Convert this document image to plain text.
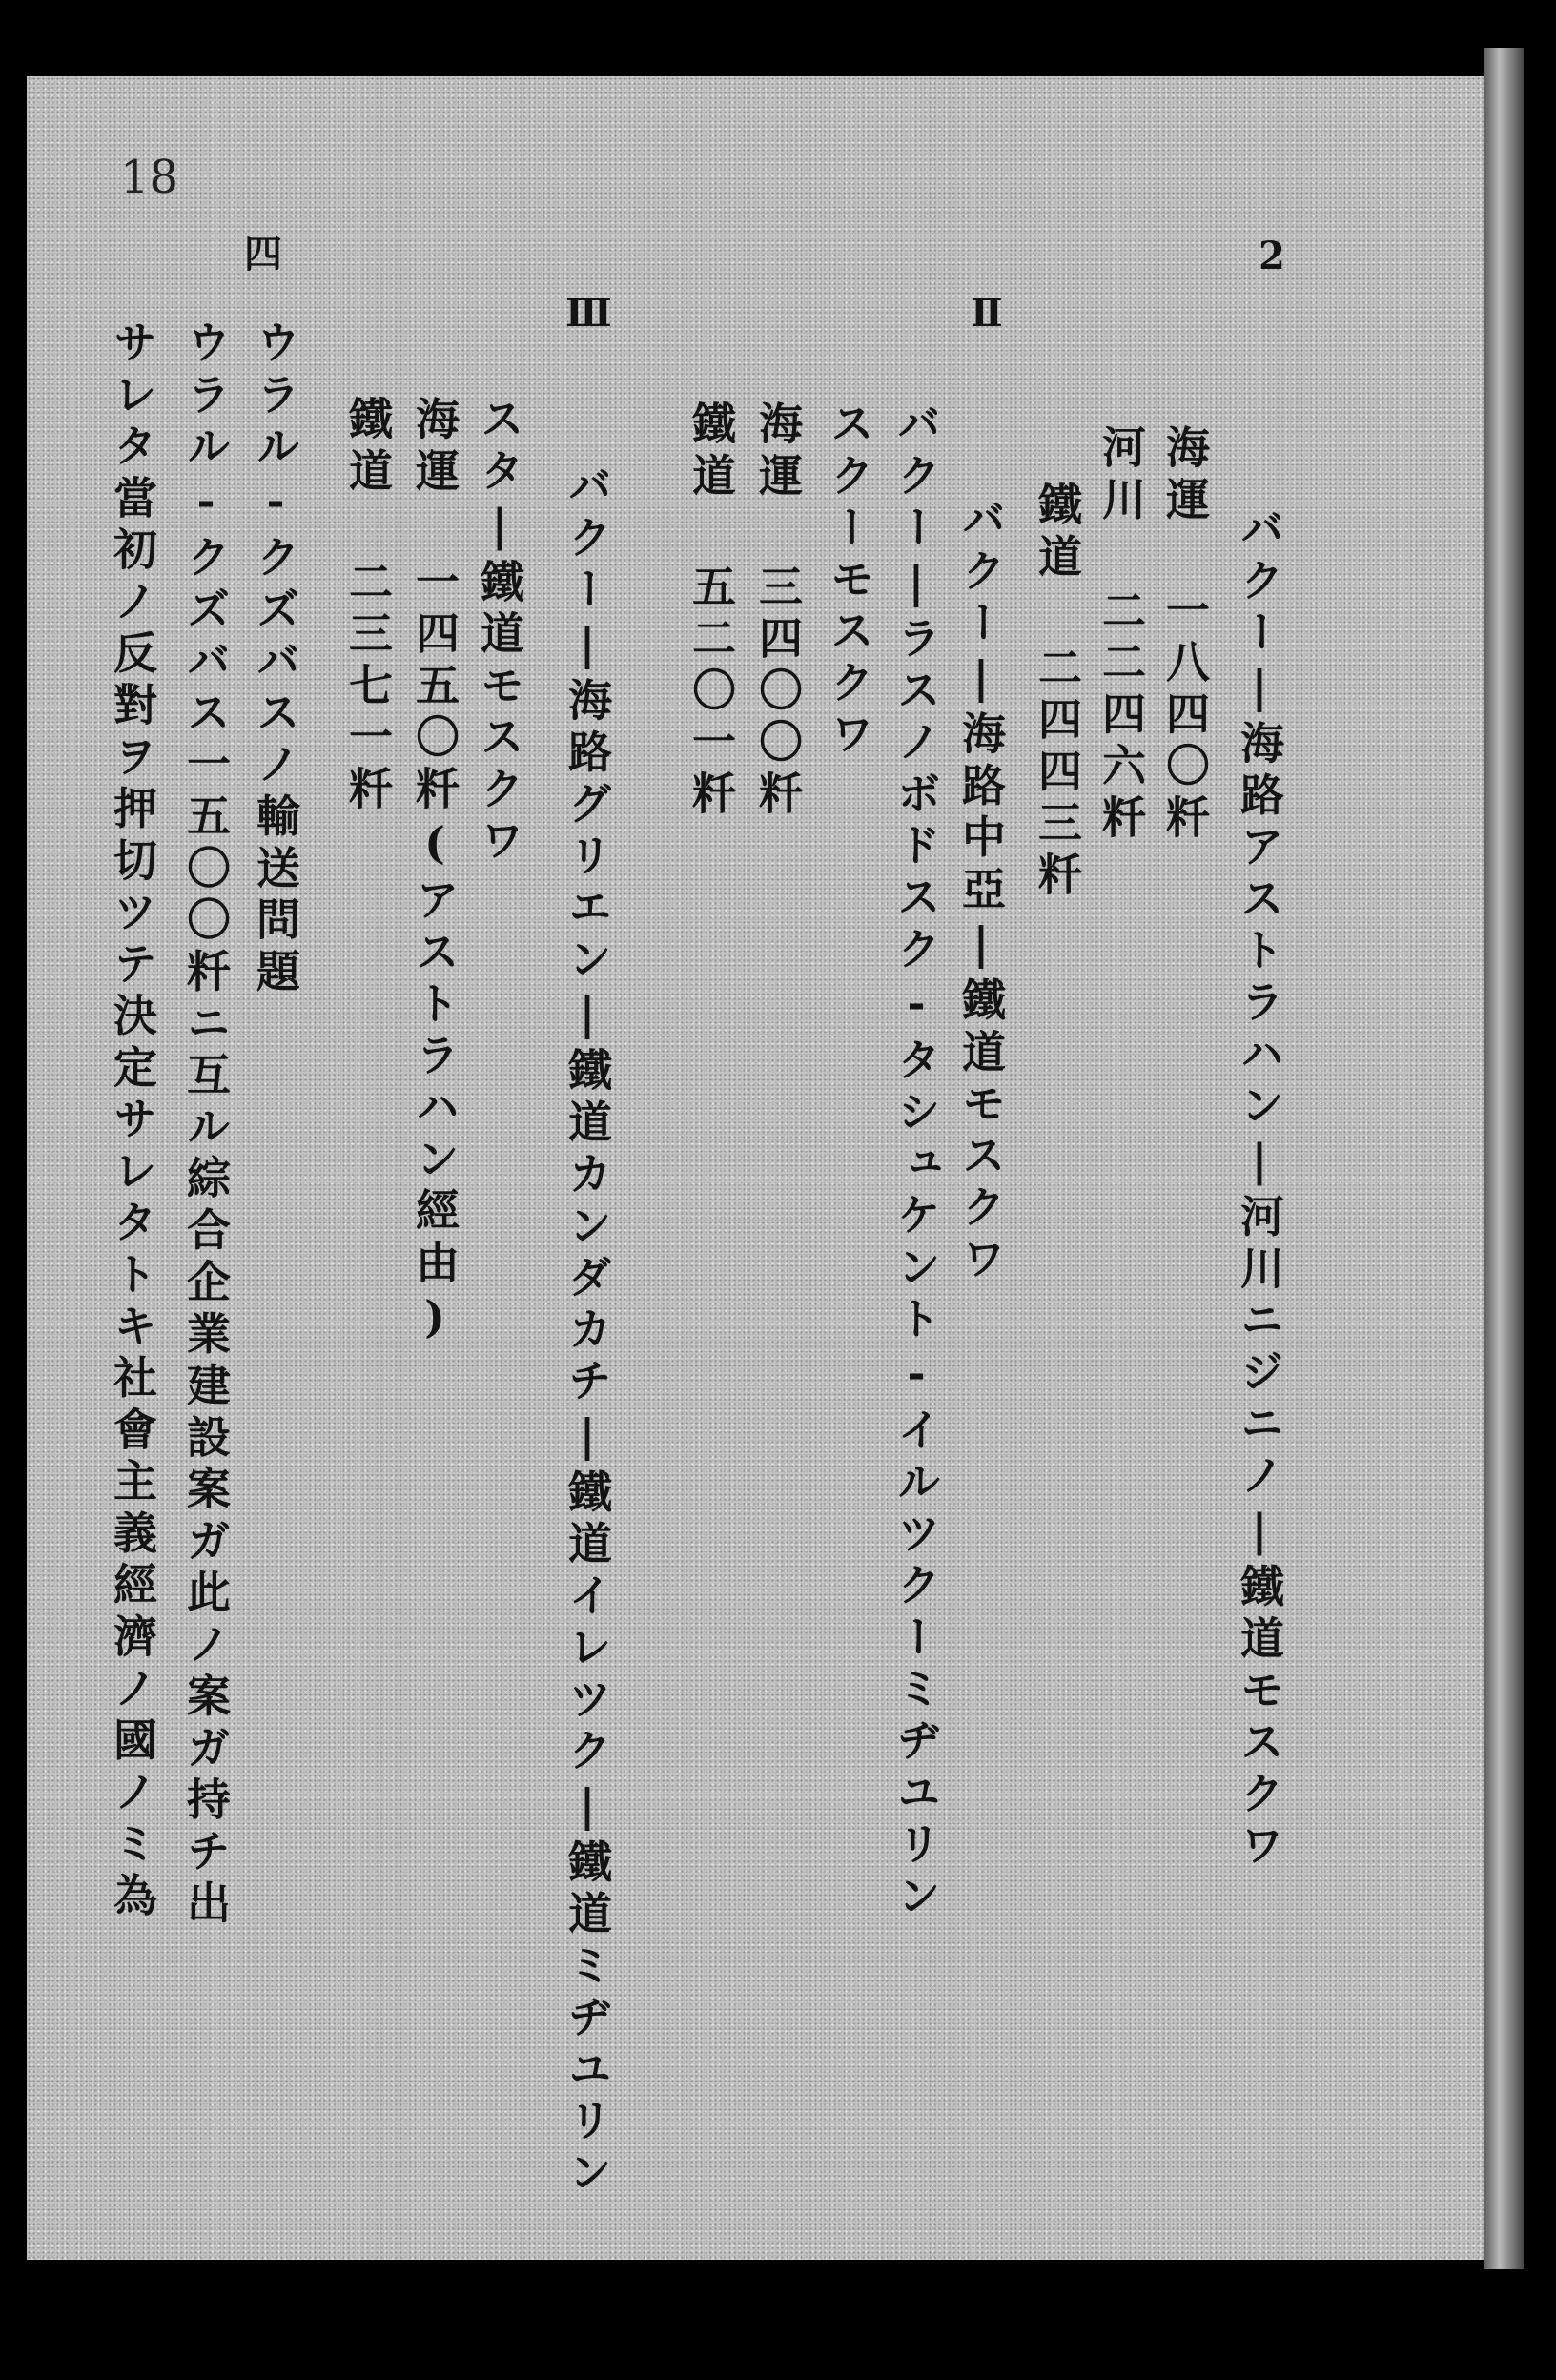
18
2
Ⅱ
Ⅲ
四
バクー|海路アストラハン|河川ニジニノ|鐵道モスクワ
海運 一八四〇粁
河川 二二四六粁
鐵道 二四四三粁
バクー|海路中亞|鐵道モスクワ
バクー|ラスノボドスク-タシュケント-イルツクーミヂユリン
スクーモスクワ
海運 三四〇〇粁
鐵道 五二〇一粁
バクー|海路グリエン|鐵道カンダカチ|鐵道イレツク|鐵道ミヂユリン
スタ|鐵道モスクワ
海運 一四五〇粁(アストラハン經由)
鐵道 二三七一粁
ウラル-クズバスノ輸送問題
ウラル-クズバス一五〇〇粁ニ互ル綜合企業建設案ガ此ノ案ガ持チ出
サレタ當初ノ反對ヲ押切ツテ決定サレタトキ社會主義經濟ノ國ノミ為
